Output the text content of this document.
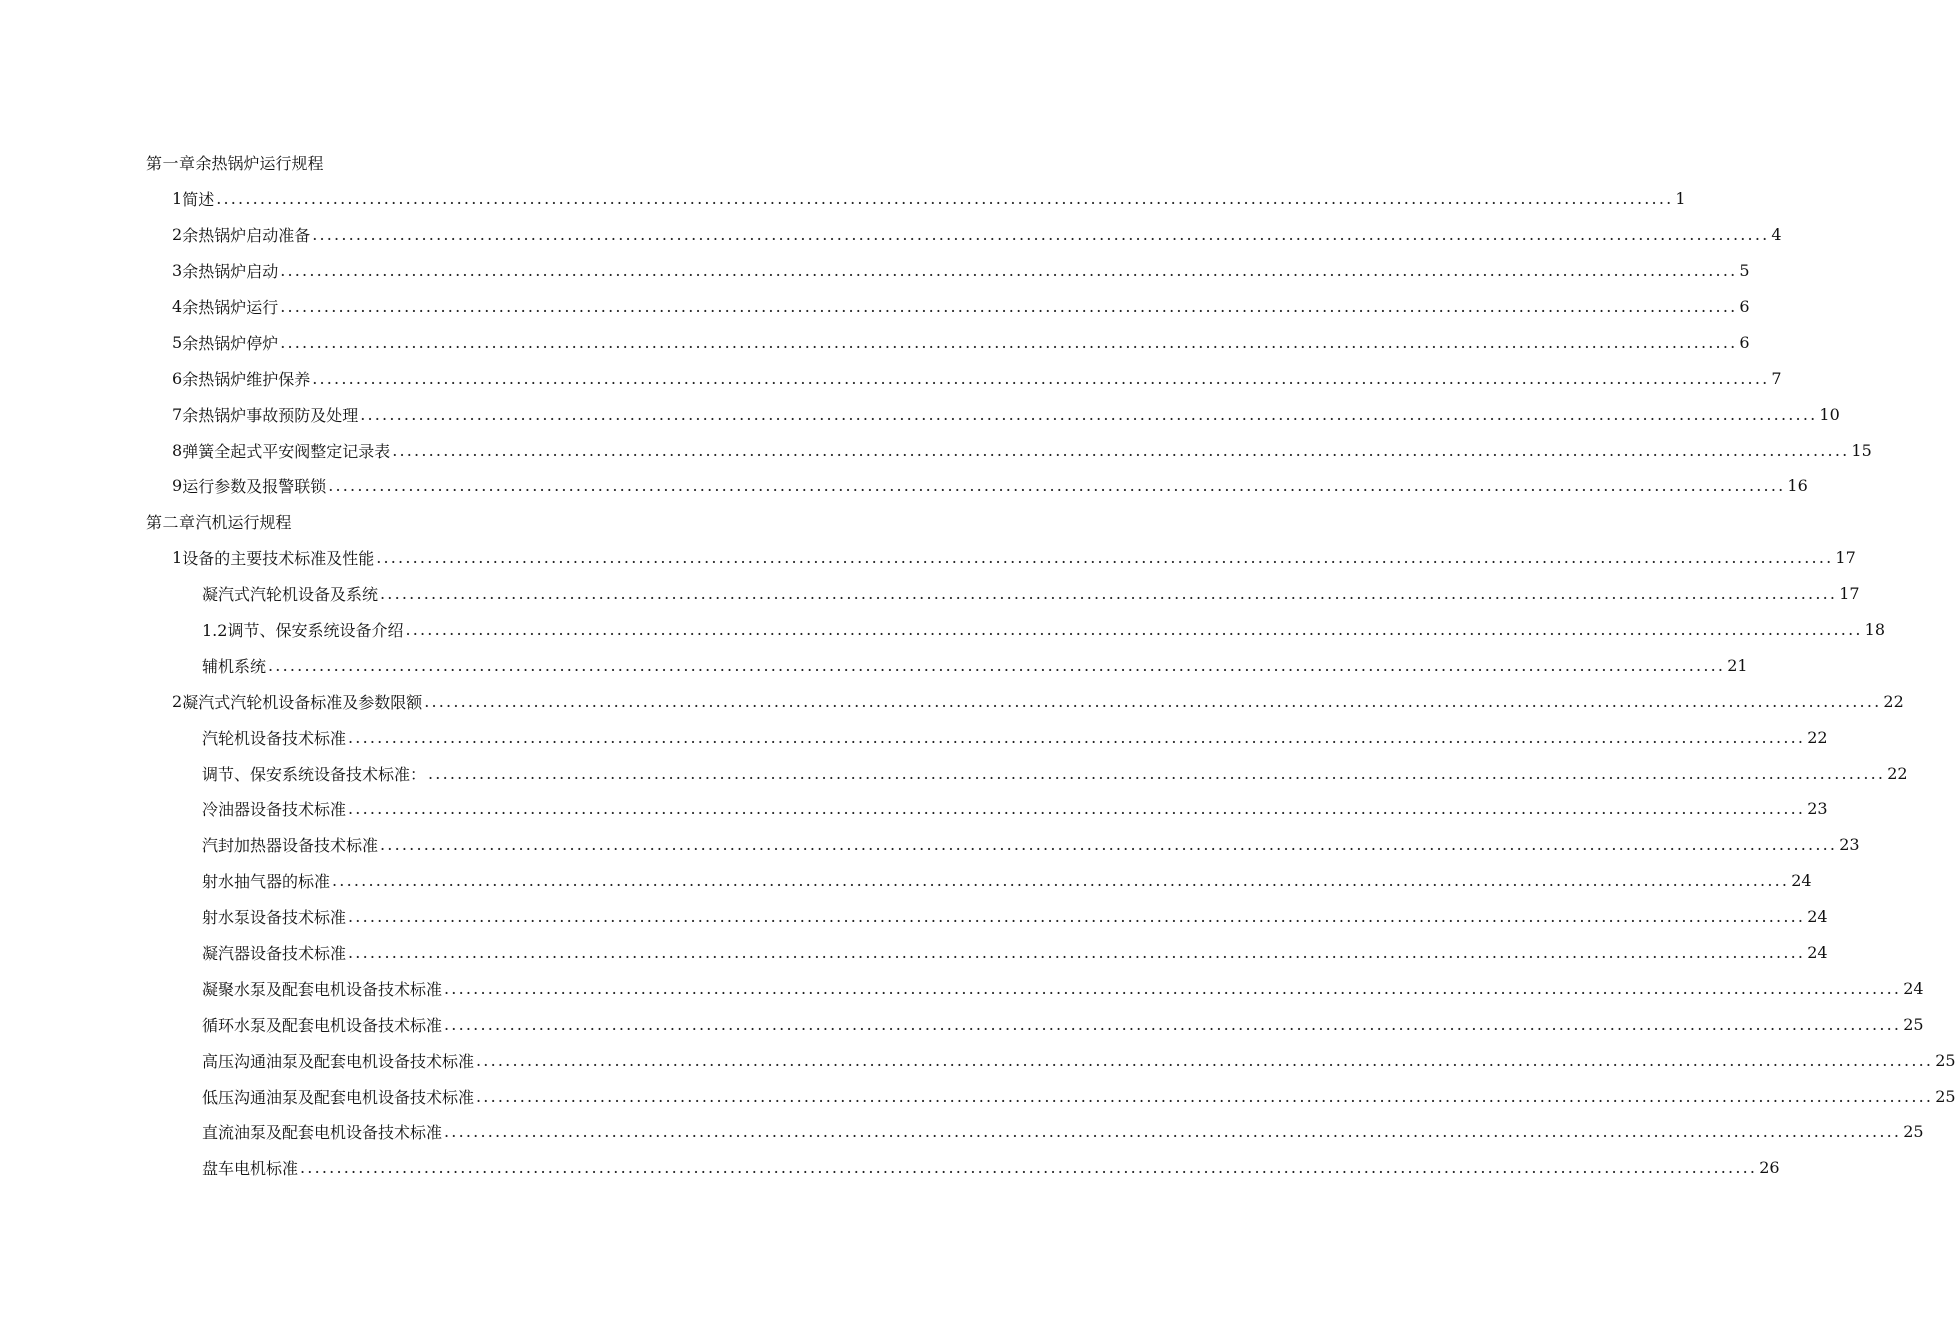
第一章 余热锅炉运行规程
1 简述 ........................................................................................................................................................................................................ 1
2 余热锅炉启动准备 ........................................................................................................................................................................................................ 4
3 余热锅炉启动 ........................................................................................................................................................................................................ 5
4 余热锅炉运行 ........................................................................................................................................................................................................ 6
5 余热锅炉停炉 ........................................................................................................................................................................................................ 6
6 余热锅炉维护保养 ........................................................................................................................................................................................................ 7
7 余热锅炉事故预防及处理 ........................................................................................................................................................................................................ 10
8 弹簧全起式平安阀整定记录表 ........................................................................................................................................................................................................ 15
9 运行参数及报警联锁 ........................................................................................................................................................................................................ 16
第二章 汽机运行规程
1 设备的主要技术标准及性能 ........................................................................................................................................................................................................ 17
凝汽式汽轮机设备及系统 ........................................................................................................................................................................................................ 17
1.2调节、保安系统设备介绍 ........................................................................................................................................................................................................ 18
辅机系统 ........................................................................................................................................................................................................ 21
2 凝汽式汽轮机设备标准及参数限额 ........................................................................................................................................................................................................ 22
汽轮机设备技术标准 ........................................................................................................................................................................................................ 22
调节、保安系统设备技术标准： ........................................................................................................................................................................................................ 22
冷油器设备技术标准 ........................................................................................................................................................................................................ 23
汽封加热器设备技术标准 ........................................................................................................................................................................................................ 23
射水抽气器的标准 ........................................................................................................................................................................................................ 24
射水泵设备技术标准 ........................................................................................................................................................................................................ 24
凝汽器设备技术标准 ........................................................................................................................................................................................................ 24
凝聚水泵及配套电机设备技术标准 ........................................................................................................................................................................................................ 24
循环水泵及配套电机设备技术标准 ........................................................................................................................................................................................................ 25
高压沟通油泵及配套电机设备技术标准 ........................................................................................................................................................................................................ 25
低压沟通油泵及配套电机设备技术标准 ........................................................................................................................................................................................................ 25
直流油泵及配套电机设备技术标准 ........................................................................................................................................................................................................ 25
盘车电机标准 ........................................................................................................................................................................................................ 26
